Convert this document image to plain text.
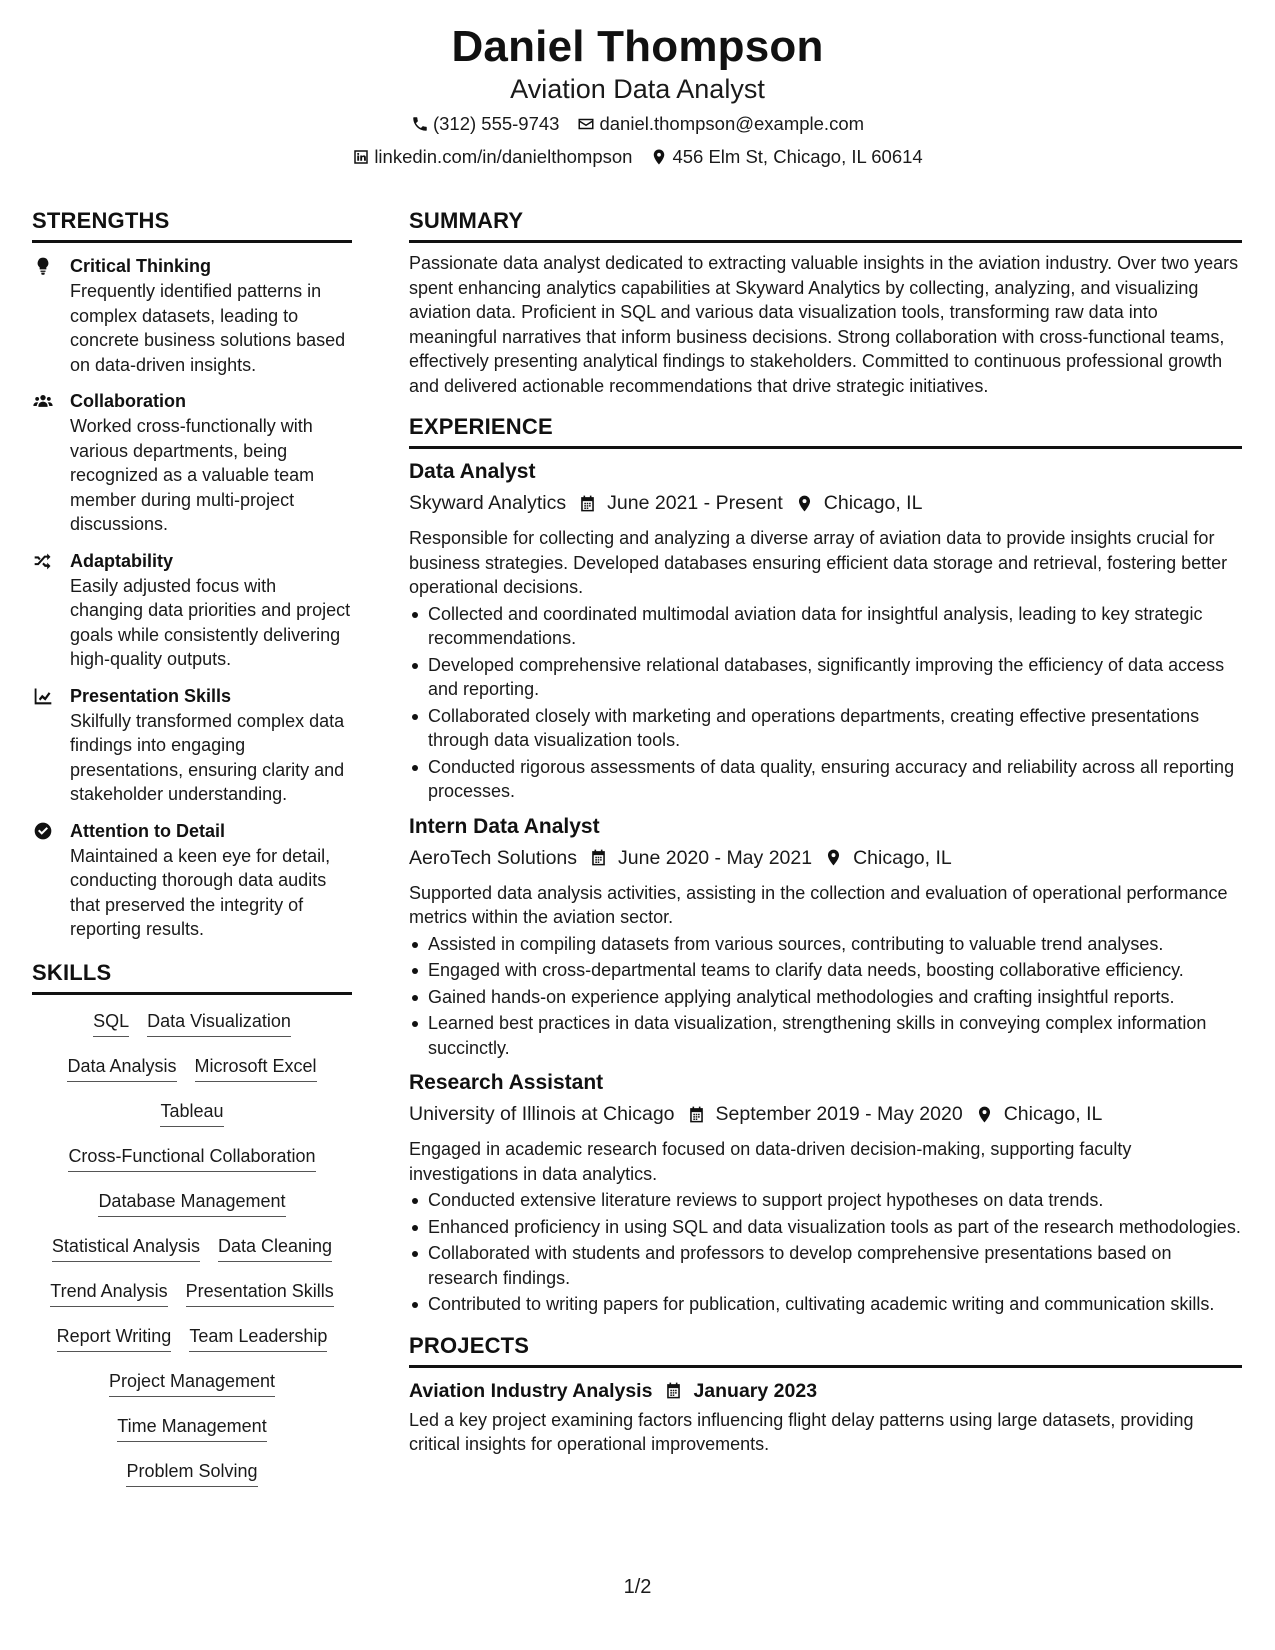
Daniel Thompson
Aviation Data Analyst
(312) 555-9743 daniel.thompson@example.com
linkedin.com/in/danielthompson 456 Elm St, Chicago, IL 60614
STRENGTHS
Critical Thinking
Frequently identified patterns in complex datasets, leading to concrete business solutions based on data-driven insights.
Collaboration
Worked cross-functionally with various departments, being recognized as a valuable team member during multi-project discussions.
Adaptability
Easily adjusted focus with changing data priorities and project goals while consistently delivering high-quality outputs.
Presentation Skills
Skilfully transformed complex data findings into engaging presentations, ensuring clarity and stakeholder understanding.
Attention to Detail
Maintained a keen eye for detail, conducting thorough data audits that preserved the integrity of reporting results.
SKILLS
SQL Data Visualization
Data Analysis Microsoft Excel
Tableau
Cross-Functional Collaboration
Database Management
Statistical Analysis Data Cleaning
Trend Analysis Presentation Skills
Report Writing Team Leadership
Project Management
Time Management
Problem Solving
SUMMARY
Passionate data analyst dedicated to extracting valuable insights in the aviation industry. Over two years spent enhancing analytics capabilities at Skyward Analytics by collecting, analyzing, and visualizing aviation data. Proficient in SQL and various data visualization tools, transforming raw data into meaningful narratives that inform business decisions. Strong collaboration with cross-functional teams, effectively presenting analytical findings to stakeholders. Committed to continuous professional growth and delivered actionable recommendations that drive strategic initiatives.
EXPERIENCE
Data Analyst
Skyward Analytics June 2021 - Present Chicago, IL
Responsible for collecting and analyzing a diverse array of aviation data to provide insights crucial for business strategies. Developed databases ensuring efficient data storage and retrieval, fostering better operational decisions.
Collected and coordinated multimodal aviation data for insightful analysis, leading to key strategic recommendations.
Developed comprehensive relational databases, significantly improving the efficiency of data access and reporting.
Collaborated closely with marketing and operations departments, creating effective presentations through data visualization tools.
Conducted rigorous assessments of data quality, ensuring accuracy and reliability across all reporting processes.
Intern Data Analyst
AeroTech Solutions June 2020 - May 2021 Chicago, IL
Supported data analysis activities, assisting in the collection and evaluation of operational performance metrics within the aviation sector.
Assisted in compiling datasets from various sources, contributing to valuable trend analyses.
Engaged with cross-departmental teams to clarify data needs, boosting collaborative efficiency.
Gained hands-on experience applying analytical methodologies and crafting insightful reports.
Learned best practices in data visualization, strengthening skills in conveying complex information succinctly.
Research Assistant
University of Illinois at Chicago September 2019 - May 2020 Chicago, IL
Engaged in academic research focused on data-driven decision-making, supporting faculty investigations in data analytics.
Conducted extensive literature reviews to support project hypotheses on data trends.
Enhanced proficiency in using SQL and data visualization tools as part of the research methodologies.
Collaborated with students and professors to develop comprehensive presentations based on research findings.
Contributed to writing papers for publication, cultivating academic writing and communication skills.
PROJECTS
Aviation Industry Analysis January 2023
Led a key project examining factors influencing flight delay patterns using large datasets, providing critical insights for operational improvements.
1/2
